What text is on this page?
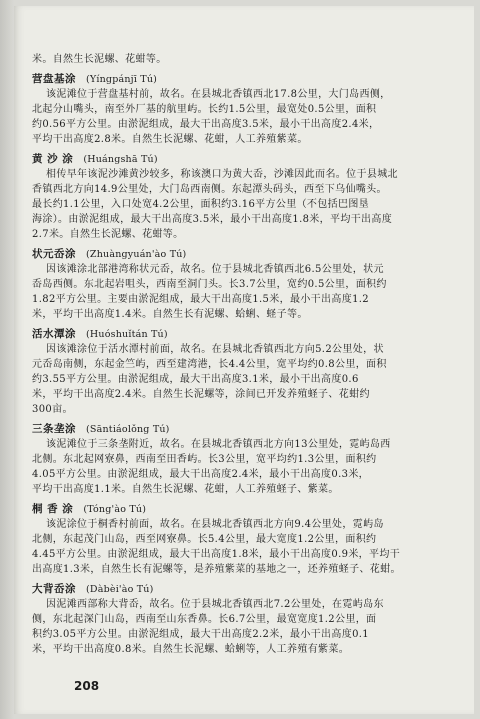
米。自然生长泥螺、花蚶等。
营盘基涂 (Yíngpánjī Tú)
该泥滩位于营盘基村前，故名。在县城北香镇西北17.8公里，大门岛西侧，
北起分山嘴头，南至外厂基的航里屿。长约1.5公里，最宽处0.5公里，面积
约0.56平方公里。由淤泥组成，最大干出高度3.5米，最小干出高度2.4米，
平均干出高度2.8米。自然生长泥螺、花蚶，人工养殖紫菜。
黄 沙 涂 (Huángshā Tú)
相传早年该泥沙滩黄沙较多，称该澳口为黄大岙，沙滩因此而名。位于县城北
香镇西北方向14.9公里处，大门岛西南侧。东起潭头码头，西至下乌仙嘴头。
最长约1.1公里，入口处宽4.2公里，面积约3.16平方公里（不包括巴图垦
海涂）。由淤泥组成，最大干出高度3.5米，最小干出高度1.8米，平均干出高度
2.7米。自然生长泥螺、花蚶等。
状元岙涂 (Zhuàngyuán'ào Tú)
因该滩涂北部港湾称状元岙，故名。位于县城北香镇西北6.5公里处，状元
岙岛西侧。东北起岩咀头，西南至洞门头。长3.7公里，宽约0.5公里，面积约
1.82平方公里。主要由淤泥组成，最大干出高度1.5米，最小干出高度1.2
米，平均干出高度1.4米。自然生长有泥螺、蛤蜊、蛏子等。
活水潭涂 (Huóshuǐtán Tú)
因该滩涂位于活水潭村前面，故名。在县城北香镇西北方向5.2公里处，状
元岙岛南侧，东起金竺屿，西至建湾港，长4.4公里，宽平均约0.8公里，面积
约3.55平方公里。由淤泥组成，最大干出高度3.1米，最小干出高度0.6
米，平均干出高度2.4米。自然生长泥螺等，涂间已开发养殖蛏子、花蚶约
300亩。
三条垄涂 (Sāntiáolǒng Tú)
该泥滩位于三条垄附近，故名。在县城北香镇西北方向13公里处，霓屿岛西
北侧。东北起网寮鼻，西南至田香屿。长3公里，宽平均约1.3公里，面积约
4.05平方公里。由淤泥组成，最大干出高度2.4米，最小干出高度0.3米，
平均干出高度1.1米。自然生长泥螺、花蚶，人工养殖蛏子、紫菜。
桐 香 涂 (Tóng'ào Tú)
该泥涂位于桐香村前面，故名。在县城北香镇西北方向9.4公里处，霓屿岛
北侧，东起茂门山岛，西至网寮鼻。长5.4公里，最大宽度1.2公里，面积约
4.45平方公里。由淤泥组成，最大干出高度1.8米，最小干出高度0.9米，平均干
出高度1.3米，自然生长有泥螺等，是养殖紫菜的基地之一，还养殖蛏子、花蚶。
大背岙涂 (Dàbèi'ào Tú)
因泥滩西部称大背岙，故名。位于县城北香镇西北7.2公里处，在霓屿岛东
侧，东北起深门山岛，西南至山东香鼻。长6.7公里，最宽宽度1.2公里，面
积约3.05平方公里。由淤泥组成，最大干出高度2.2米，最小干出高度0.1
米，平均干出高度0.8米。自然生长泥螺、蛤蜊等，人工养殖有紫菜。
208
